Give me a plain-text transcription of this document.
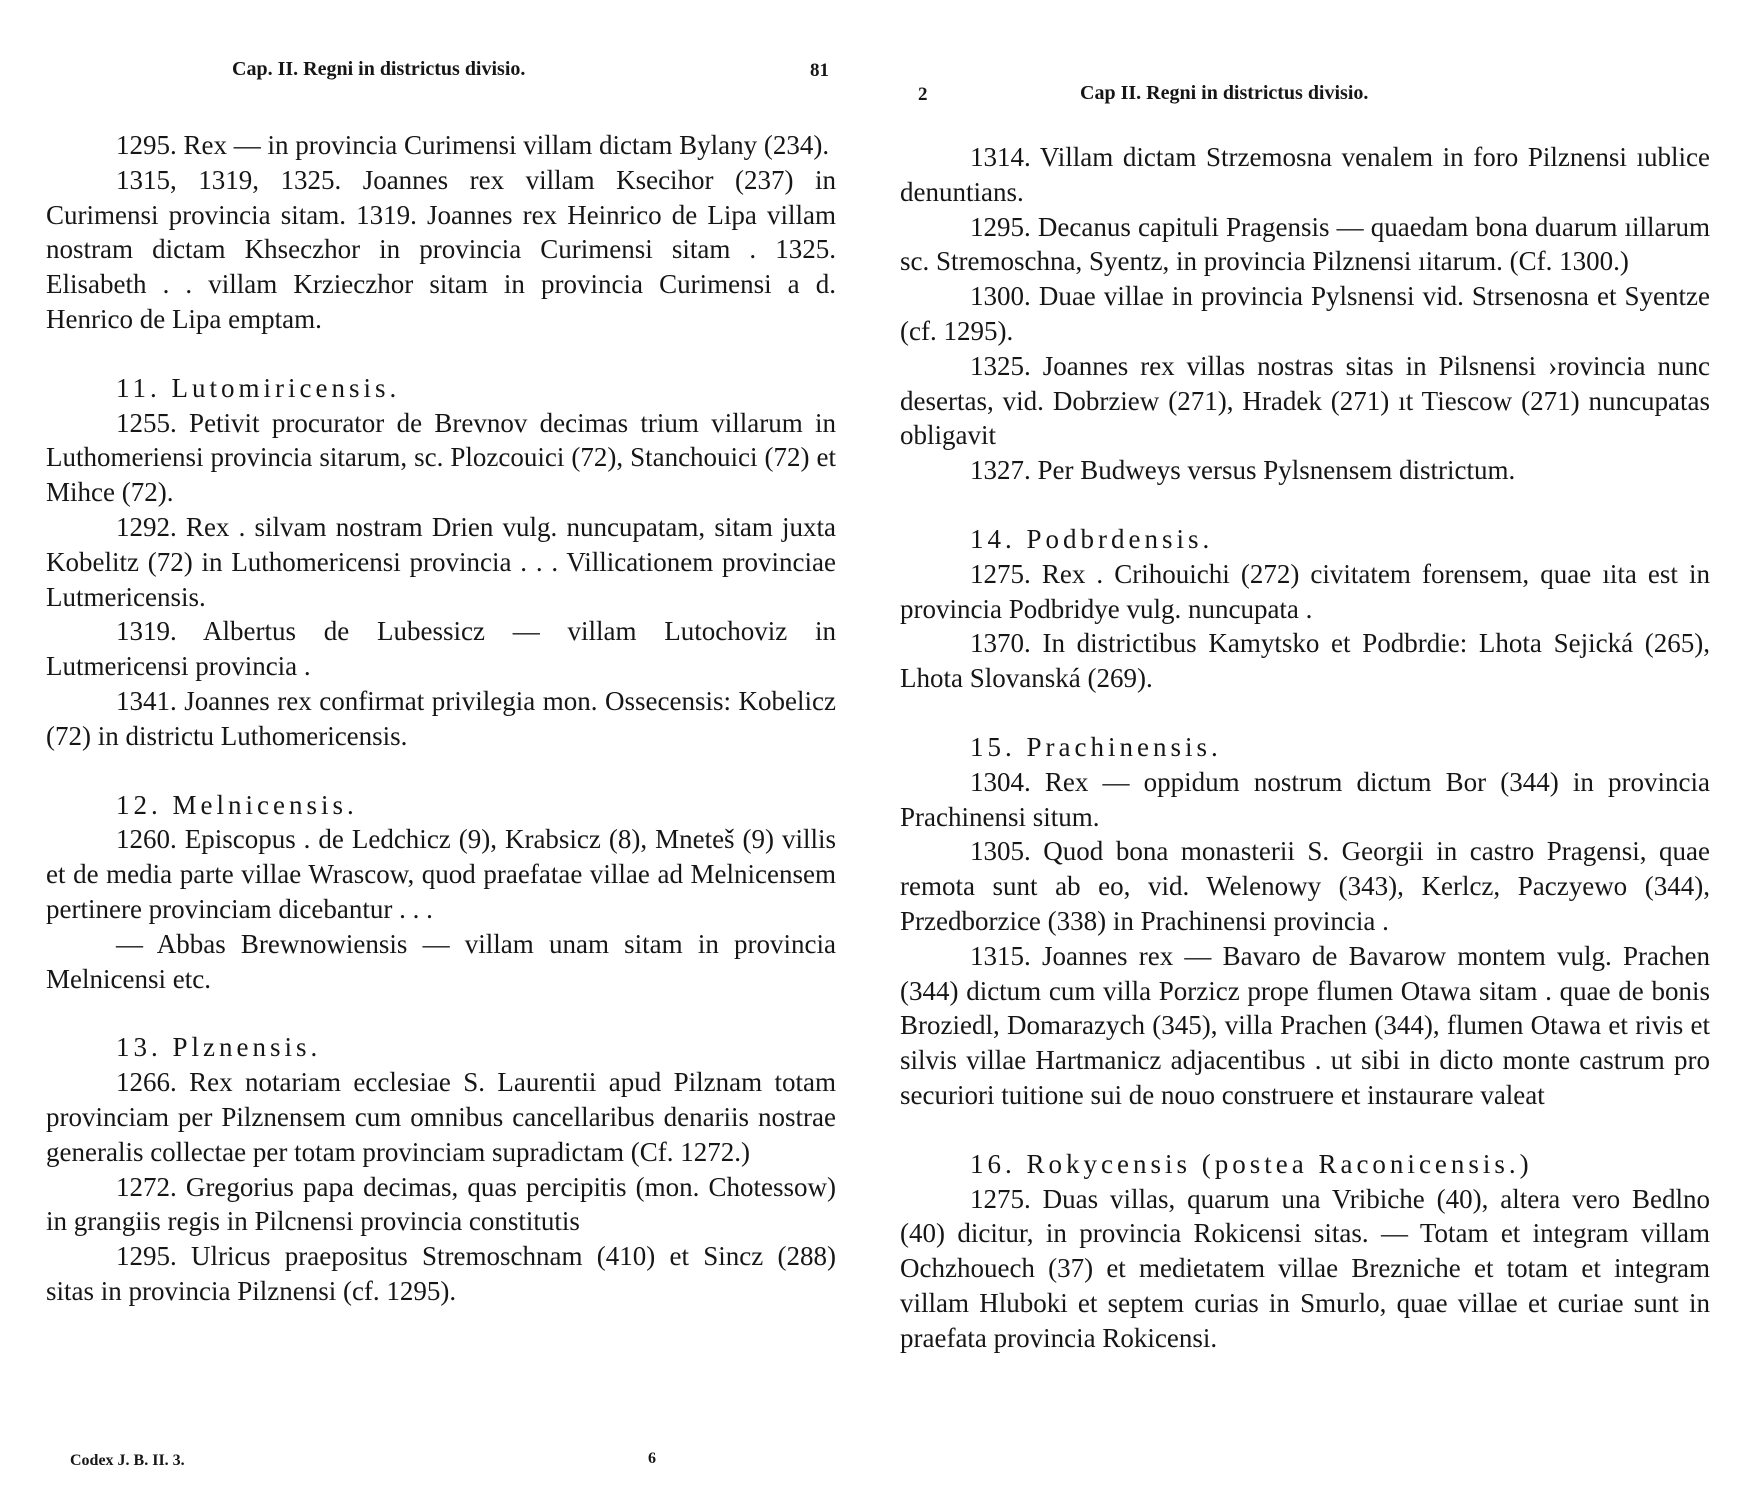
Cap. II. Regni in districtus divisio.	81

1295. Rex — in provincia Curimensi villam dictam Bylany (234).

1315, 1319, 1325. Joannes rex villam Ksecihor (237) in Curimensi provincia sitam. 1319. Joannes rex Heinrico de Lipa villam nostram dictam Khseczhor in provincia Curimensi sitam . 1325. Elisabeth . . villam Krzieczhor sitam in provincia Curimensi a d. Henrico de Lipa emptam.

11. Lutomiricensis.

1255. Petivit procurator de Brevnov decimas trium villarum in Luthomeriensi provincia sitarum, sc. Plozcouici (72), Stanchouici (72) et Mihce (72).

1292. Rex . silvam nostram Drien vulg. nuncupatam, sitam juxta Kobelitz (72) in Luthomericensi provincia . . . Villicationem provinciae Lutmericensis.

1319. Albertus de Lubessicz — villam Lutochoviz in Lutmericensi provincia .

1341. Joannes rex confirmat privilegia mon. Ossecensis: Kobelicz (72) in districtu Luthomericensis.

12. Melnicensis.

1260. Episcopus . de Ledchicz (9), Krabsicz (8), Mneteš (9) villis et de media parte villae Wrascow, quod praefatae villae ad Melnicensem pertinere provinciam dicebantur . . .

— Abbas Brewnowiensis — villam unam sitam in provincia Melnicensi etc.

13. Plznensis.

1266. Rex notariam ecclesiae S. Laurentii apud Pilznam totam provinciam per Pilznensem cum omnibus cancellaribus denariis nostrae generalis collectae per totam provinciam supradictam (Cf. 1272.)

1272. Gregorius papa decimas, quas percipitis (mon. Chotessow) in grangiis regis in Pilcnensi provincia constitutis

1295. Ulricus praepositus Stremoschnam (410) et Sincz (288) sitas in provincia Pilznensi (cf. 1295).

Codex J. B. II. 3.	6
2	Cap II. Regni in districtus divisio.

1314. Villam dictam Strzemosna venalem in foro Pilznensi ıublice denuntians.

1295. Decanus capituli Pragensis — quaedam bona duarum ıillarum sc. Stremoschna, Syentz, in provincia Pilznensi ıitarum. (Cf. 1300.)

1300. Duae villae in provincia Pylsnensi vid. Strsenosna et Syentze (cf. 1295).

1325. Joannes rex villas nostras sitas in Pilsnensi ›rovincia nunc desertas, vid. Dobrziew (271), Hradek (271) ıt Tiescow (271) nuncupatas obligavit

1327. Per Budweys versus Pylsnensem districtum.

14. Podbrdensis.

1275. Rex . Crihouichi (272) civitatem forensem, quae ıita est in provincia Podbridye vulg. nuncupata .

1370. In districtibus Kamytsko et Podbrdie: Lhota Sejická (265), Lhota Slovanská (269).

15. Prachinensis.

1304. Rex — oppidum nostrum dictum Bor (344) in provincia Prachinensi situm.

1305. Quod bona monasterii S. Georgii in castro Pragensi, quae remota sunt ab eo, vid. Welenowy (343), Kerlcz, Paczyewo (344), Przedborzice (338) in Prachinensi provincia .

1315. Joannes rex — Bavaro de Bavarow montem vulg. Prachen (344) dictum cum villa Porzicz prope flumen Otawa sitam . quae de bonis Broziedl, Domarazych (345), villa Prachen (344), flumen Otawa et rivis et silvis villae Hartmanicz adjacentibus . ut sibi in dicto monte castrum pro securiori tuitione sui de nouo construere et instaurare valeat

16. Rokycensis (postea Raconicensis.)

1275. Duas villas, quarum una Vribiche (40), altera vero Bedlno (40) dicitur, in provincia Rokicensi sitas. — Totam et integram villam Ochzhouech (37) et medietatem villae Brezniche et totam et integram villam Hluboki et septem curias in Smurlo, quae villae et curiae sunt in praefata provincia Rokicensi.
